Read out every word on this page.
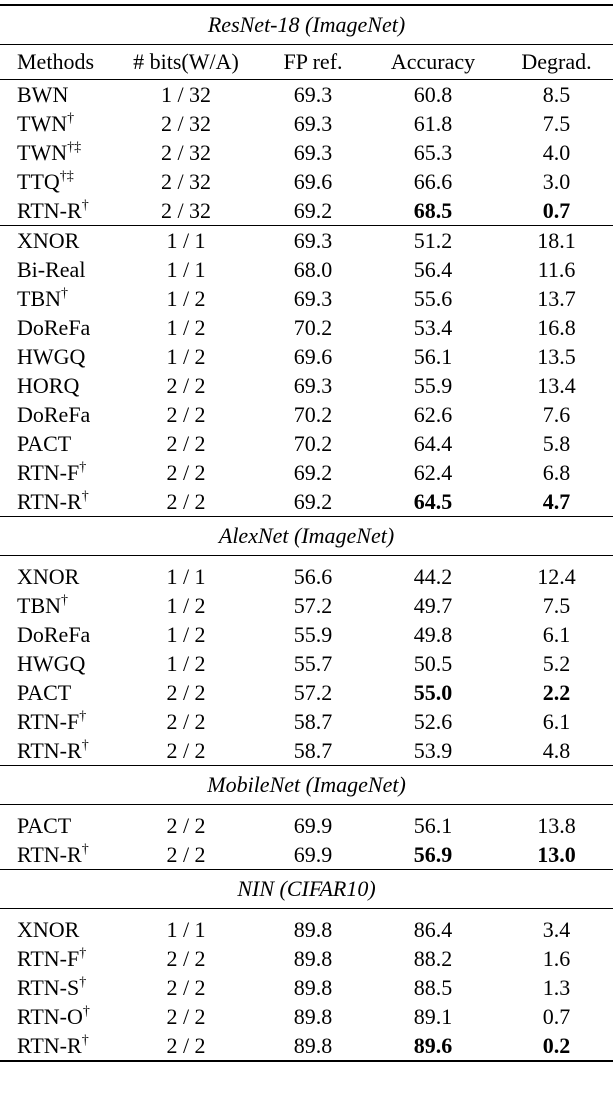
ResNet-18 (ImageNet)				
Methods	# bits(W/A)	FP ref.	Accuracy	Degrad.
BWN	1 / 32	69.3	60.8	8.5
TWN†	2 / 32	69.3	61.8	7.5
TWN†‡	2 / 32	69.3	65.3	4.0
TTQ†‡	2 / 32	69.6	66.6	3.0
RTN-R†	2 / 32	69.2	68.5	0.7
XNOR	1 / 1	69.3	51.2	18.1
Bi-Real	1 / 1	68.0	56.4	11.6
TBN†	1 / 2	69.3	55.6	13.7
DoReFa	1 / 2	70.2	53.4	16.8
HWGQ	1 / 2	69.6	56.1	13.5
HORQ	2 / 2	69.3	55.9	13.4
DoReFa	2 / 2	70.2	62.6	7.6
PACT	2 / 2	70.2	64.4	5.8
RTN-F†	2 / 2	69.2	62.4	6.8
RTN-R†	2 / 2	69.2	64.5	4.7
AlexNet (ImageNet)				
XNOR	1 / 1	56.6	44.2	12.4
TBN†	1 / 2	57.2	49.7	7.5
DoReFa	1 / 2	55.9	49.8	6.1
HWGQ	1 / 2	55.7	50.5	5.2
PACT	2 / 2	57.2	55.0	2.2
RTN-F†	2 / 2	58.7	52.6	6.1
RTN-R†	2 / 2	58.7	53.9	4.8
MobileNet (ImageNet)				
PACT	2 / 2	69.9	56.1	13.8
RTN-R†	2 / 2	69.9	56.9	13.0
NIN (CIFAR10)				
XNOR	1 / 1	89.8	86.4	3.4
RTN-F†	2 / 2	89.8	88.2	1.6
RTN-S†	2 / 2	89.8	88.5	1.3
RTN-O†	2 / 2	89.8	89.1	0.7
RTN-R†	2 / 2	89.8	89.6	0.2
